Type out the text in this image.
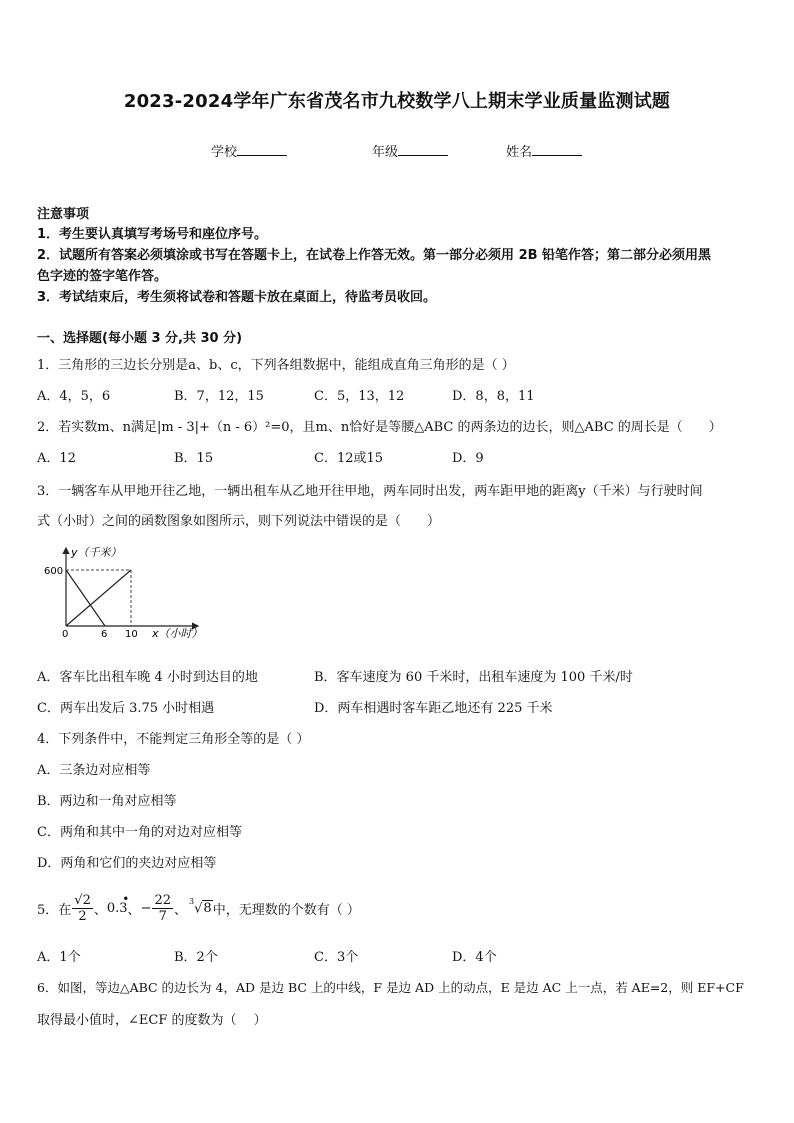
2023-2024学年广东省茂名市九校数学八上期末学业质量监测试题
学校	年级	姓名
注意事项
1．考生要认真填写考场号和座位序号。
2．试题所有答案必须填涂或书写在答题卡上，在试卷上作答无效。第一部分必须用 2B 铅笔作答；第二部分必须用黑
色字迹的签字笔作答。
3．考试结束后，考生须将试卷和答题卡放在桌面上，待监考员收回。
一、选择题(每小题 3 分,共 30 分)
1．三角形的三边长分别是a、b、c，下列各组数据中，能组成直角三角形的是（ ）
A．4，5，6	B．7，12，15	C．5，13，12	D．8，8，11
2．若实数m、n满足|m - 3|+（n - 6）²=0，且m、n恰好是等腰△ABC 的两条边的边长，则△ABC 的周长是（　　）
A．12	B．15	C．12或15	D．9
3．一辆客车从甲地开往乙地，一辆出租车从乙地开往甲地，两车同时出发，两车距甲地的距离y（千米）与行驶时间
式（小时）之间的函数图象如图所示，则下列说法中错误的是（　　）
y（千米）
600
0	6 10 x（小时）
A．客车比出租车晚 4 小时到达目的地	B．客车速度为 60 千米时，出租车速度为 100 千米/时
C．两车出发后 3.75 小时相遇	D．两车相遇时客车距乙地还有 225 千米
4．下列条件中，不能判定三角形全等的是（ ）
A．三条边对应相等
B．两边和一角对应相等
C．两角和其中一角的对边对应相等
D．两角和它们的夹边对应相等
5．在 $\frac{√2}{2}$ 、 0.3
•
、 − $\frac{22}{7}$ 、
$^3$√8 中，无理数的个数有（ ）
A．1个	B．2个	C．3个	D．4个
6．如图，等边△ABC 的边长为 4，AD 是边 BC 上的中线，F 是边 AD 上的动点，E 是边 AC 上一点，若 AE=2，则 EF+CF
取得最小值时，∠ECF 的度数为（　 ）
